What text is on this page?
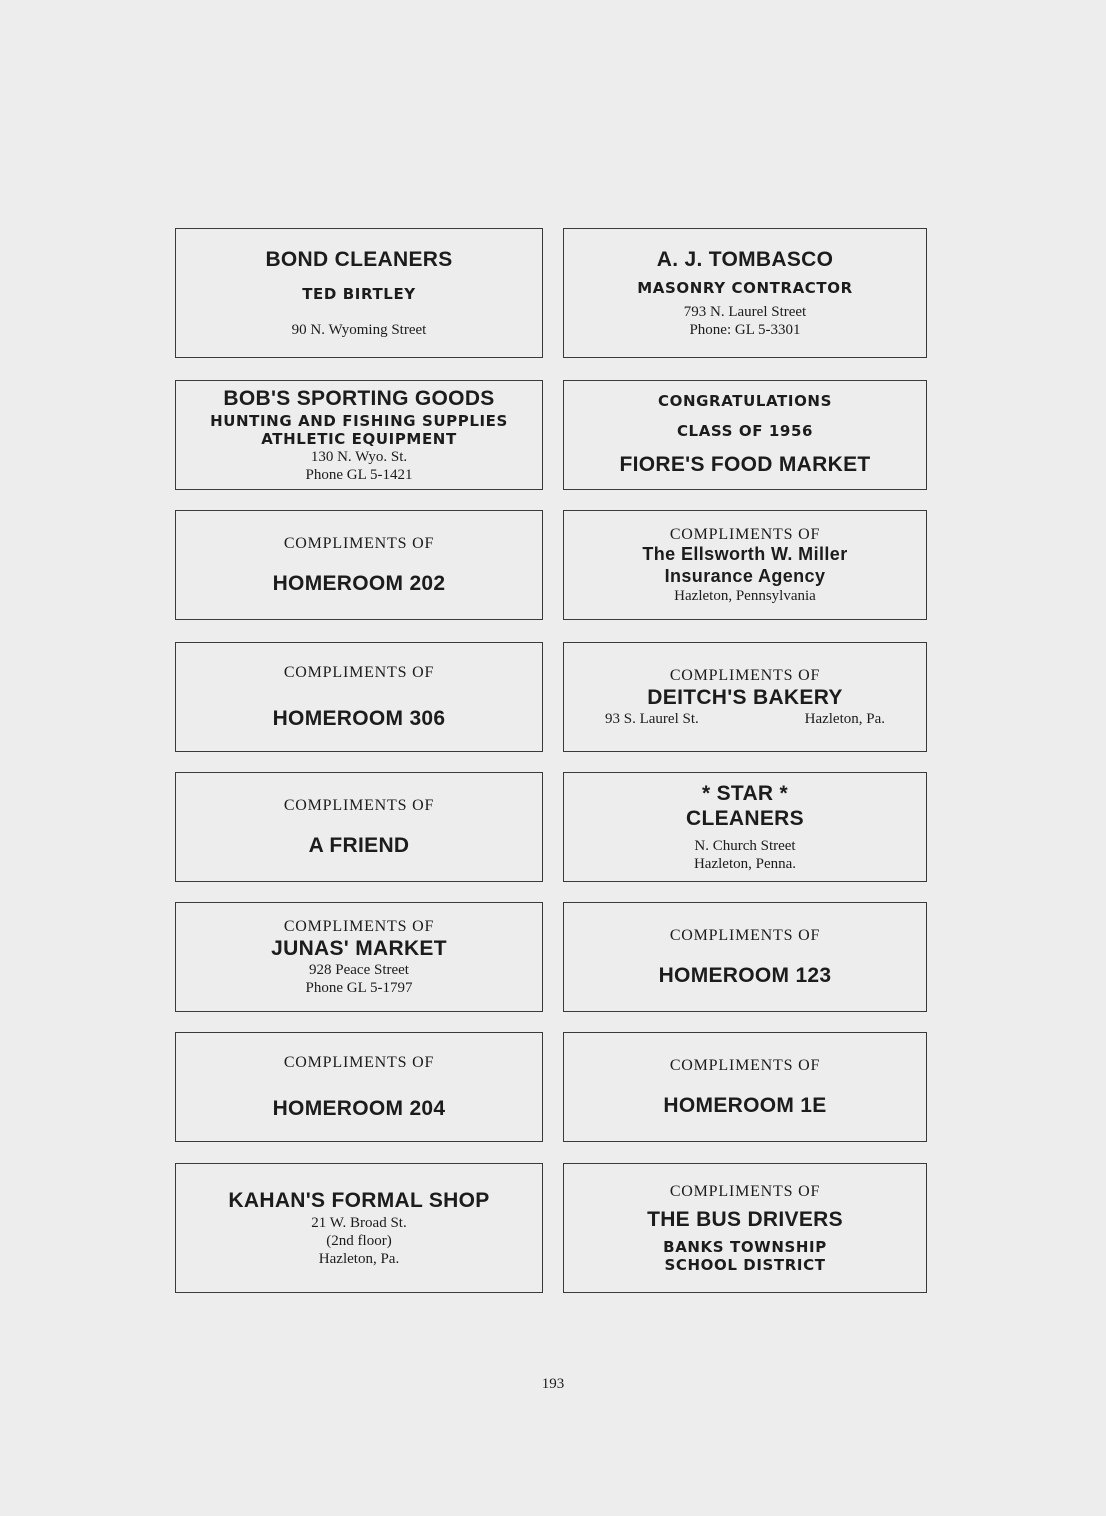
BOND CLEANERS
TED BIRTLEY
90 N. Wyoming Street
A. J. TOMBASCO
MASONRY CONTRACTOR
793 N. Laurel Street
Phone: GL 5-3301
BOB'S SPORTING GOODS
HUNTING AND FISHING SUPPLIES
ATHLETIC EQUIPMENT
130 N. Wyo. St.
Phone GL 5-1421
CONGRATULATIONS
CLASS OF 1956
FIORE'S FOOD MARKET
COMPLIMENTS OF
HOMEROOM 202
COMPLIMENTS OF
The Ellsworth W. Miller
Insurance Agency
Hazleton, Pennsylvania
COMPLIMENTS OF
HOMEROOM 306
COMPLIMENTS OF
DEITCH'S BAKERY
93 S. Laurel St.	Hazleton, Pa.
COMPLIMENTS OF
A FRIEND
* STAR *
CLEANERS
N. Church Street
Hazleton, Penna.
COMPLIMENTS OF
JUNAS' MARKET
928 Peace Street
Phone GL 5-1797
COMPLIMENTS OF
HOMEROOM 123
COMPLIMENTS OF
HOMEROOM 204
COMPLIMENTS OF
HOMEROOM 1E
KAHAN'S FORMAL SHOP
21 W. Broad St.
(2nd floor)
Hazleton, Pa.
COMPLIMENTS OF
THE BUS DRIVERS
BANKS TOWNSHIP
SCHOOL DISTRICT
193
